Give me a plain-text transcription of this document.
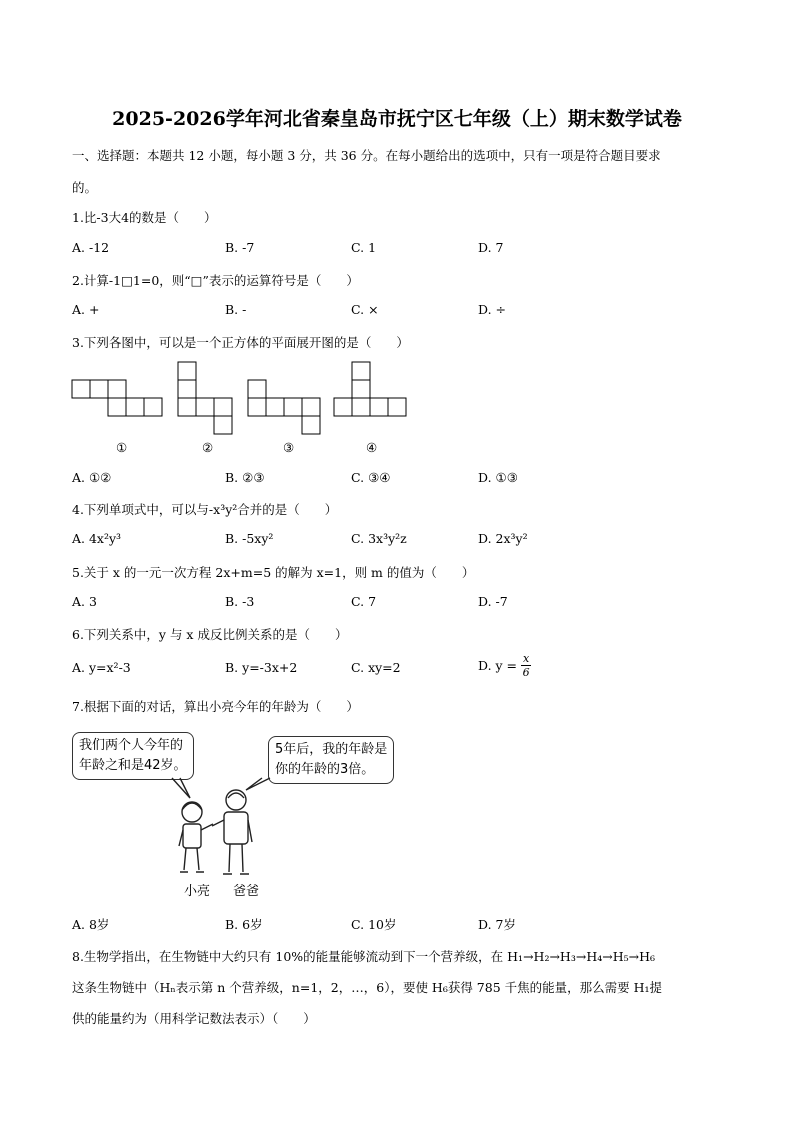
2025-2026学年河北省秦皇岛市抚宁区七年级（上）期末数学试卷
一、选择题：本题共 12 小题，每小题 3 分，共 36 分。在每小题给出的选项中，只有一项是符合题目要求
的。
1.比-3大4的数是（　　）
A. -12	B. -7	C. 1	D. 7
2.计算-1□1=0，则“□”表示的运算符号是（　　）
A. +	B. -	C. ×	D. ÷
3.下列各图中，可以是一个正方体的平面展开图的是（　　）
①	②	③	④
A. ①②	B. ②③	C. ③④	D. ①③
4.下列单项式中，可以与-x³y²合并的是（　　）
A. 4x²y³	B. -5xy²	C. 3x³y²z	D. 2x³y²
5.关于 x 的一元一次方程 2x+m=5 的解为 x=1，则 m 的值为（　　）
A. 3	B. -3	C. 7	D. -7
6.下列关系中，y 与 x 成反比例关系的是（　　）
A. y=x²-3	B. y=-3x+2	C. xy=2	D. $y = \frac{x}{6}$
7.根据下面的对话，算出小亮今年的年龄为（　　）
我们两个人今年的
年龄之和是42岁。
5年后，我的年龄是
你的年龄的3倍。
小亮 爸爸
A. 8岁	B. 6岁	C. 10岁	D. 7岁
8.生物学指出，在生物链中大约只有 10%的能量能够流动到下一个营养级，在 H₁→H₂→H₃→H₄→H₅→H₆
这条生物链中（Hₙ表示第 n 个营养级，n=1，2，…，6），要使 H₆获得 785 千焦的能量，那么需要 H₁提
供的能量约为（用科学记数法表示）（　　）
